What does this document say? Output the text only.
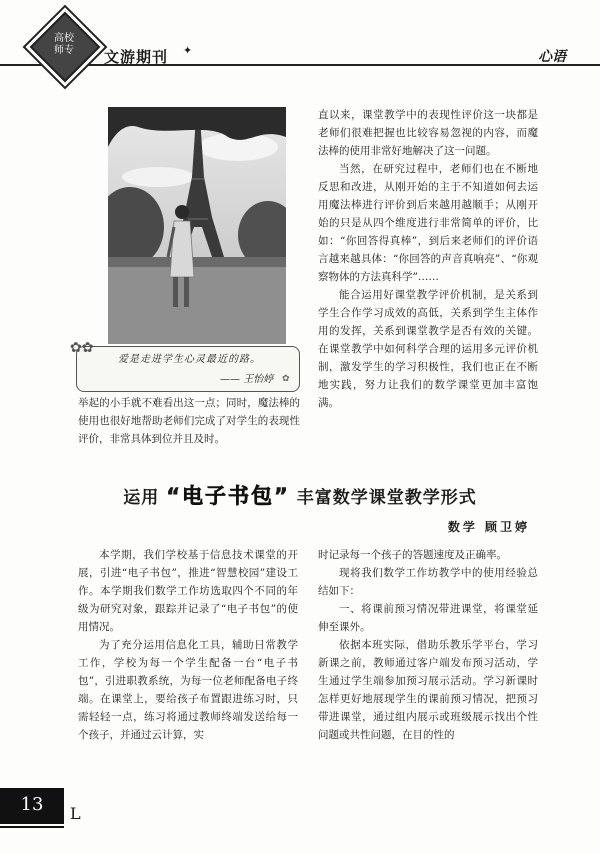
高校
师专	文游期刊 ✦	心语
✿✿
爱是走进学生心灵最近的路。
—— 王怡婷 ✿

举起的小手就不难看出这一点；同时，魔法棒的使用也很好地帮助老师们完成了对学生的表现性评价，非常具体到位并且及时。

直以来，课堂教学中的表现性评价这一块都是老师们很难把握也比较容易忽视的内容，而魔法棒的使用非常好地解决了这一问题。

当然，在研究过程中，老师们也在不断地反思和改进，从刚开始的主于不知道如何去运用魔法棒进行评价到后来越用越顺手；从刚开始的只是从四个维度进行非常简单的评价，比如：“你回答得真棒”，到后来老师们的评价语言越来越具体：“你回答的声音真响亮”、“你观察物体的方法真科学”……

能合运用好课堂教学评价机制，是关系到学生合作学习成效的高低，关系到学生主体作用的发挥，关系到课堂教学是否有效的关键。在课堂教学中如何科学合理的运用多元评价机制，激发学生的学习积极性，我们也正在不断地实践，努力让我们的数学课堂更加丰富饱满。

运用 “电子书包” 丰富数学课堂教学形式
数学 顾卫婷

本学期，我们学校基于信息技术课堂的开展，引进“电子书包”，推进“智慧校园”建设工作。本学期我们数学工作坊选取四个不同的年级为研究对象，跟踪并记录了“电子书包”的使用情况。

为了充分运用信息化工具，辅助日常教学工作，学校为每一个学生配备一台“电子书包”，引进职教系统，为每一位老师配备电子终端。在课堂上，要给孩子布置跟进练习时，只需轻轻一点，练习将通过教师终端发送给每一个孩子，并通过云计算，实

时记录每一个孩子的答题速度及正确率。

现将我们数学工作坊教学中的使用经验总结如下：

一、将课前预习情况带进课堂，将课堂延伸至课外。

依据本班实际，借助乐教乐学平台，学习新课之前，教师通过客户端发布预习活动，学生通过学生端参加预习展示活动。学习新课时怎样更好地展现学生的课前预习情况，把预习带进课堂，通过组内展示或班级展示找出个性问题或共性问题，在目的性的

13	L
